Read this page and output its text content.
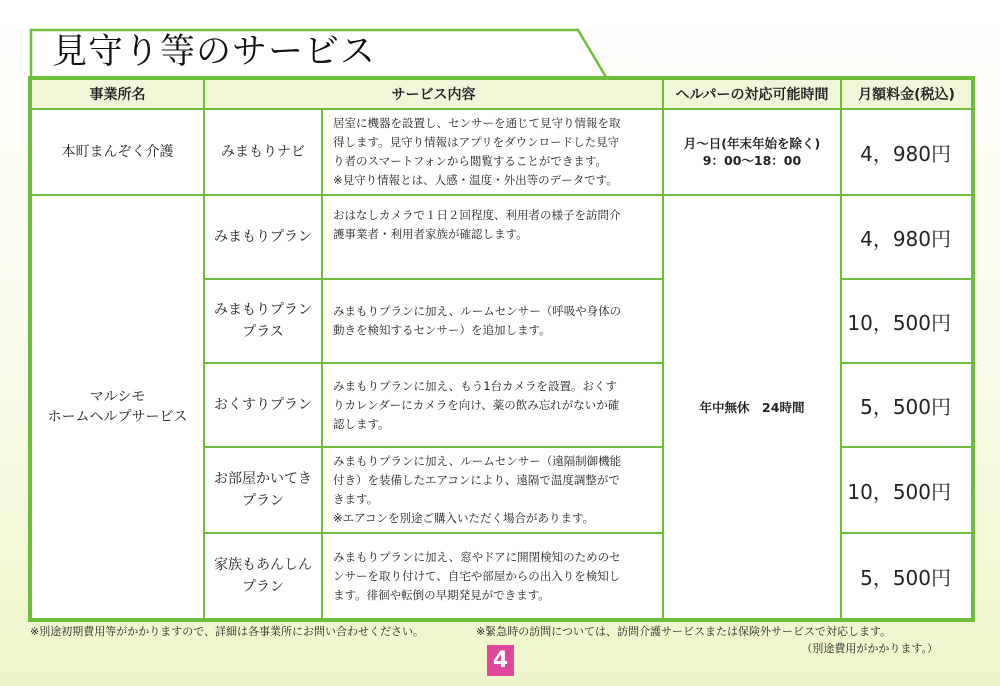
見守り等のサービス
事業所名	サービス内容		ヘルパーの対応可能時間	月額料金(税込)

本町まんぞく介護	みまもりナビ	居室に機器を設置し、センサーを通じて見守り情報を取
得します。見守り情報はアプリをダウンロードした見守
り者のスマートフォンから閲覧することができます。
※見守り情報とは、人感・温度・外出等のデータです。	月～日(年末年始を除く)
9：00～18：00	4，980円

マルシモ
ホームヘルプサービス	みまもりプラン	おはなしカメラで１日２回程度、利用者の様子を訪問介
護事業者・利用者家族が確認します。	年中無休　24時間	4，980円

	みまもりプラン
プラス	みまもりプランに加え、ルームセンサー（呼吸や身体の
動きを検知するセンサー）を追加します。		10，500円

	おくすりプラン	みまもりプランに加え、もう1台カメラを設置。おくす
りカレンダーにカメラを向け、薬の飲み忘れがないか確
認します。		5，500円

	お部屋かいてき
プラン	みまもりプランに加え、ルームセンサー（遠隔制御機能
付き）を装備したエアコンにより、遠隔で温度調整がで
きます。
※エアコンを別途ご購入いただく場合があります。		10，500円

	家族もあんしん
プラン	みまもりプランに加え、窓やドアに開閉検知のためのセ
ンサーを取り付けて、自宅や部屋からの出入りを検知し
ます。徘徊や転倒の早期発見ができます。		5，500円
※別途初期費用等がかかりますので、詳細は各事業所にお問い合わせください。	※緊急時の訪問については、訪問介護サービスまたは保険外サービスで対応します。
（別途費用がかかります。）
4
